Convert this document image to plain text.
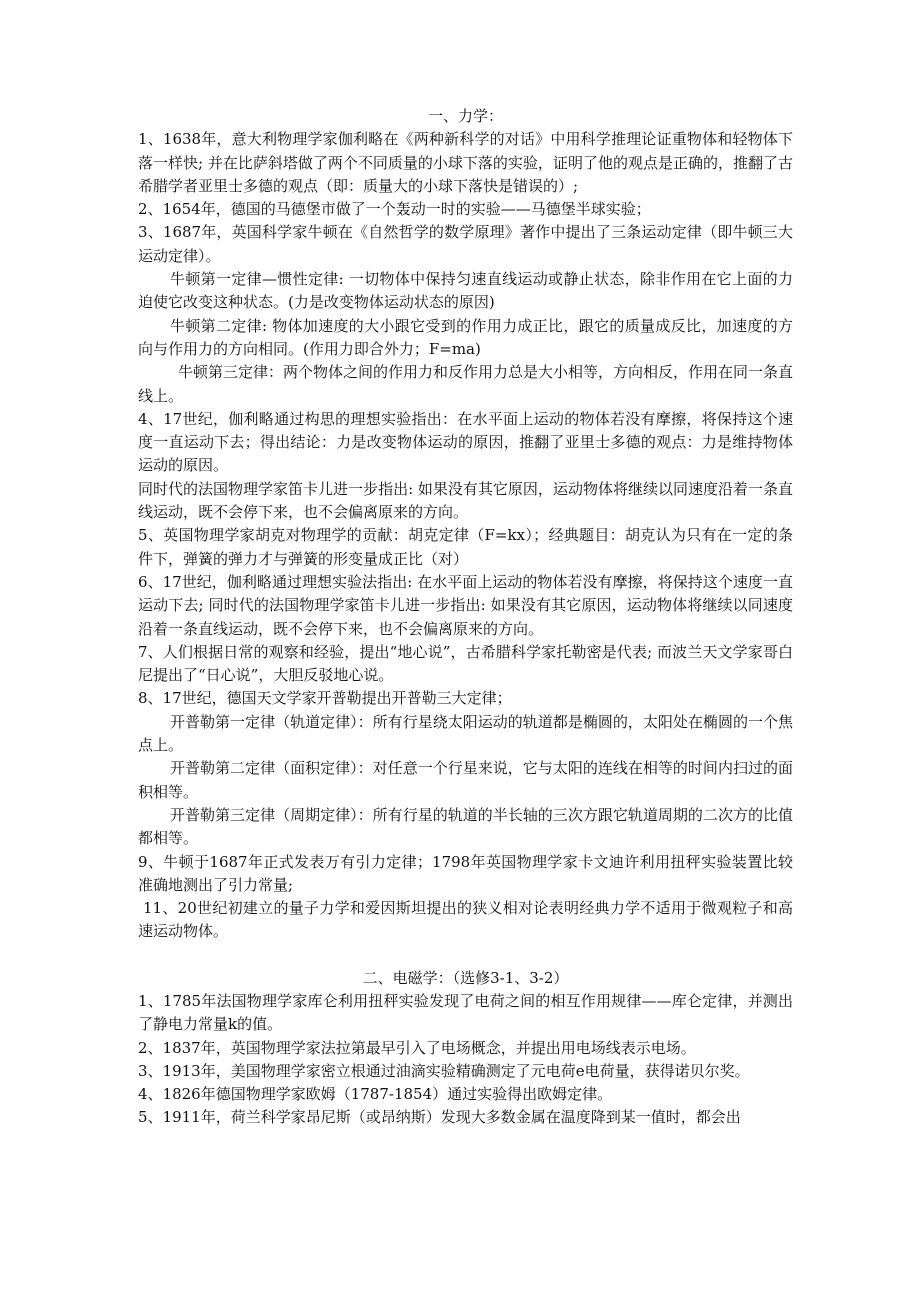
一、力学：

1、1638年，意大利物理学家伽利略在《两种新科学的对话》中用科学推理论证重物体和轻物体下落一样快; 并在比萨斜塔做了两个不同质量的小球下落的实验，证明了他的观点是正确的，推翻了古希腊学者亚里士多德的观点（即：质量大的小球下落快是错误的）;

2、1654年，德国的马德堡市做了一个轰动一时的实验——马德堡半球实验；

3、1687年，英国科学家牛顿在《自然哲学的数学原理》著作中提出了三条运动定律（即牛顿三大运动定律）。

牛顿第一定律—惯性定律: 一切物体中保持匀速直线运动或静止状态，除非作用在它上面的力迫使它改变这种状态。(力是改变物体运动状态的原因)

牛顿第二定律: 物体加速度的大小跟它受到的作用力成正比，跟它的质量成反比，加速度的方向与作用力的方向相同。(作用力即合外力；F=ma)

牛顿第三定律：两个物体之间的作用力和反作用力总是大小相等，方向相反，作用在同一条直线上。

4、17世纪，伽利略通过构思的理想实验指出：在水平面上运动的物体若没有摩擦，将保持这个速度一直运动下去；得出结论：力是改变物体运动的原因，推翻了亚里士多德的观点：力是维持物体运动的原因。

同时代的法国物理学家笛卡儿进一步指出: 如果没有其它原因，运动物体将继续以同速度沿着一条直线运动，既不会停下来，也不会偏离原来的方向。

5、英国物理学家胡克对物理学的贡献：胡克定律（F=kx）；经典题目：胡克认为只有在一定的条件下，弹簧的弹力才与弹簧的形变量成正比（对）

6、17世纪，伽利略通过理想实验法指出: 在水平面上运动的物体若没有摩擦，将保持这个速度一直运动下去; 同时代的法国物理学家笛卡儿进一步指出: 如果没有其它原因，运动物体将继续以同速度沿着一条直线运动，既不会停下来，也不会偏离原来的方向。

7、人们根据日常的观察和经验，提出“地心说”，古希腊科学家托勒密是代表; 而波兰天文学家哥白尼提出了“日心说”，大胆反驳地心说。

8、17世纪，德国天文学家开普勒提出开普勒三大定律；

开普勒第一定律（轨道定律）：所有行星绕太阳运动的轨道都是椭圆的，太阳处在椭圆的一个焦点上。

开普勒第二定律（面积定律）：对任意一个行星来说，它与太阳的连线在相等的时间内扫过的面积相等。

开普勒第三定律（周期定律）：所有行星的轨道的半长轴的三次方跟它轨道周期的二次方的比值都相等。

9、牛顿于1687年正式发表万有引力定律；1798年英国物理学家卡文迪许利用扭秤实验装置比较准确地测出了引力常量;

11、20世纪初建立的量子力学和爱因斯坦提出的狭义相对论表明经典力学不适用于微观粒子和高速运动物体。

二、电磁学：（选修3-1、3-2）

1、1785年法国物理学家库仑利用扭秤实验发现了电荷之间的相互作用规律——库仑定律，并测出了静电力常量k的值。

2、1837年，英国物理学家法拉第最早引入了电场概念，并提出用电场线表示电场。

3、1913年，美国物理学家密立根通过油滴实验精确测定了元电荷e电荷量，获得诺贝尔奖。

4、1826年德国物理学家欧姆（1787-1854）通过实验得出欧姆定律。

5、1911年，荷兰科学家昂尼斯（或昂纳斯）发现大多数金属在温度降到某一值时，都会出
